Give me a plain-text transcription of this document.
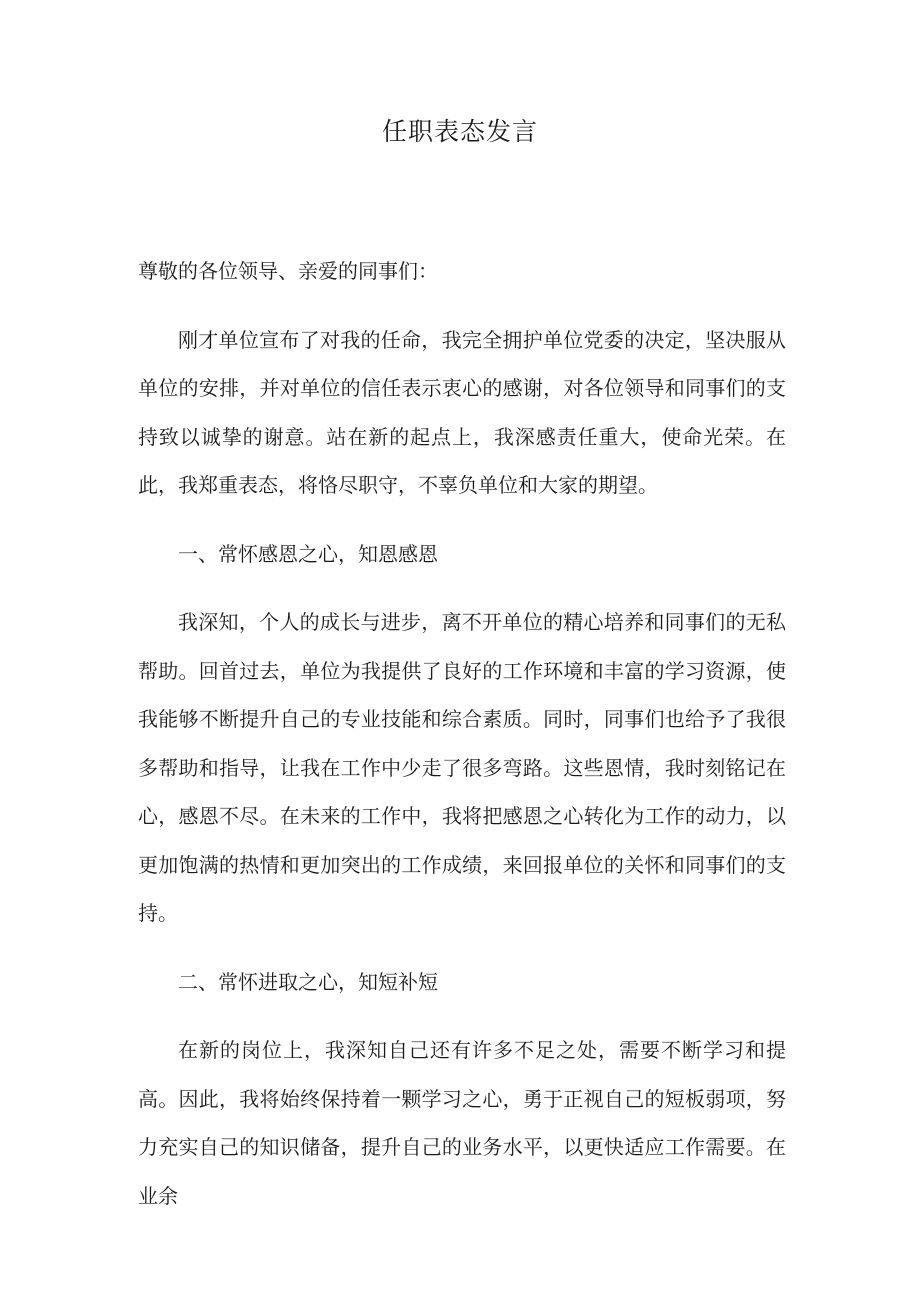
任职表态发言

尊敬的各位领导、亲爱的同事们：

刚才单位宣布了对我的任命，我完全拥护单位党委的决定，坚决服从单位的安排，并对单位的信任表示衷心的感谢，对各位领导和同事们的支持致以诚挚的谢意。站在新的起点上，我深感责任重大，使命光荣。在此，我郑重表态，将恪尽职守，不辜负单位和大家的期望。

一、常怀感恩之心，知恩感恩

我深知，个人的成长与进步，离不开单位的精心培养和同事们的无私帮助。回首过去，单位为我提供了良好的工作环境和丰富的学习资源，使我能够不断提升自己的专业技能和综合素质。同时，同事们也给予了我很多帮助和指导，让我在工作中少走了很多弯路。这些恩情，我时刻铭记在心，感恩不尽。在未来的工作中，我将把感恩之心转化为工作的动力，以更加饱满的热情和更加突出的工作成绩，来回报单位的关怀和同事们的支持。

二、常怀进取之心，知短补短

在新的岗位上，我深知自己还有许多不足之处，需要不断学习和提高。因此，我将始终保持着一颗学习之心，勇于正视自己的短板弱项，努力充实自己的知识储备，提升自己的业务水平，以更快适应工作需要。在业余
